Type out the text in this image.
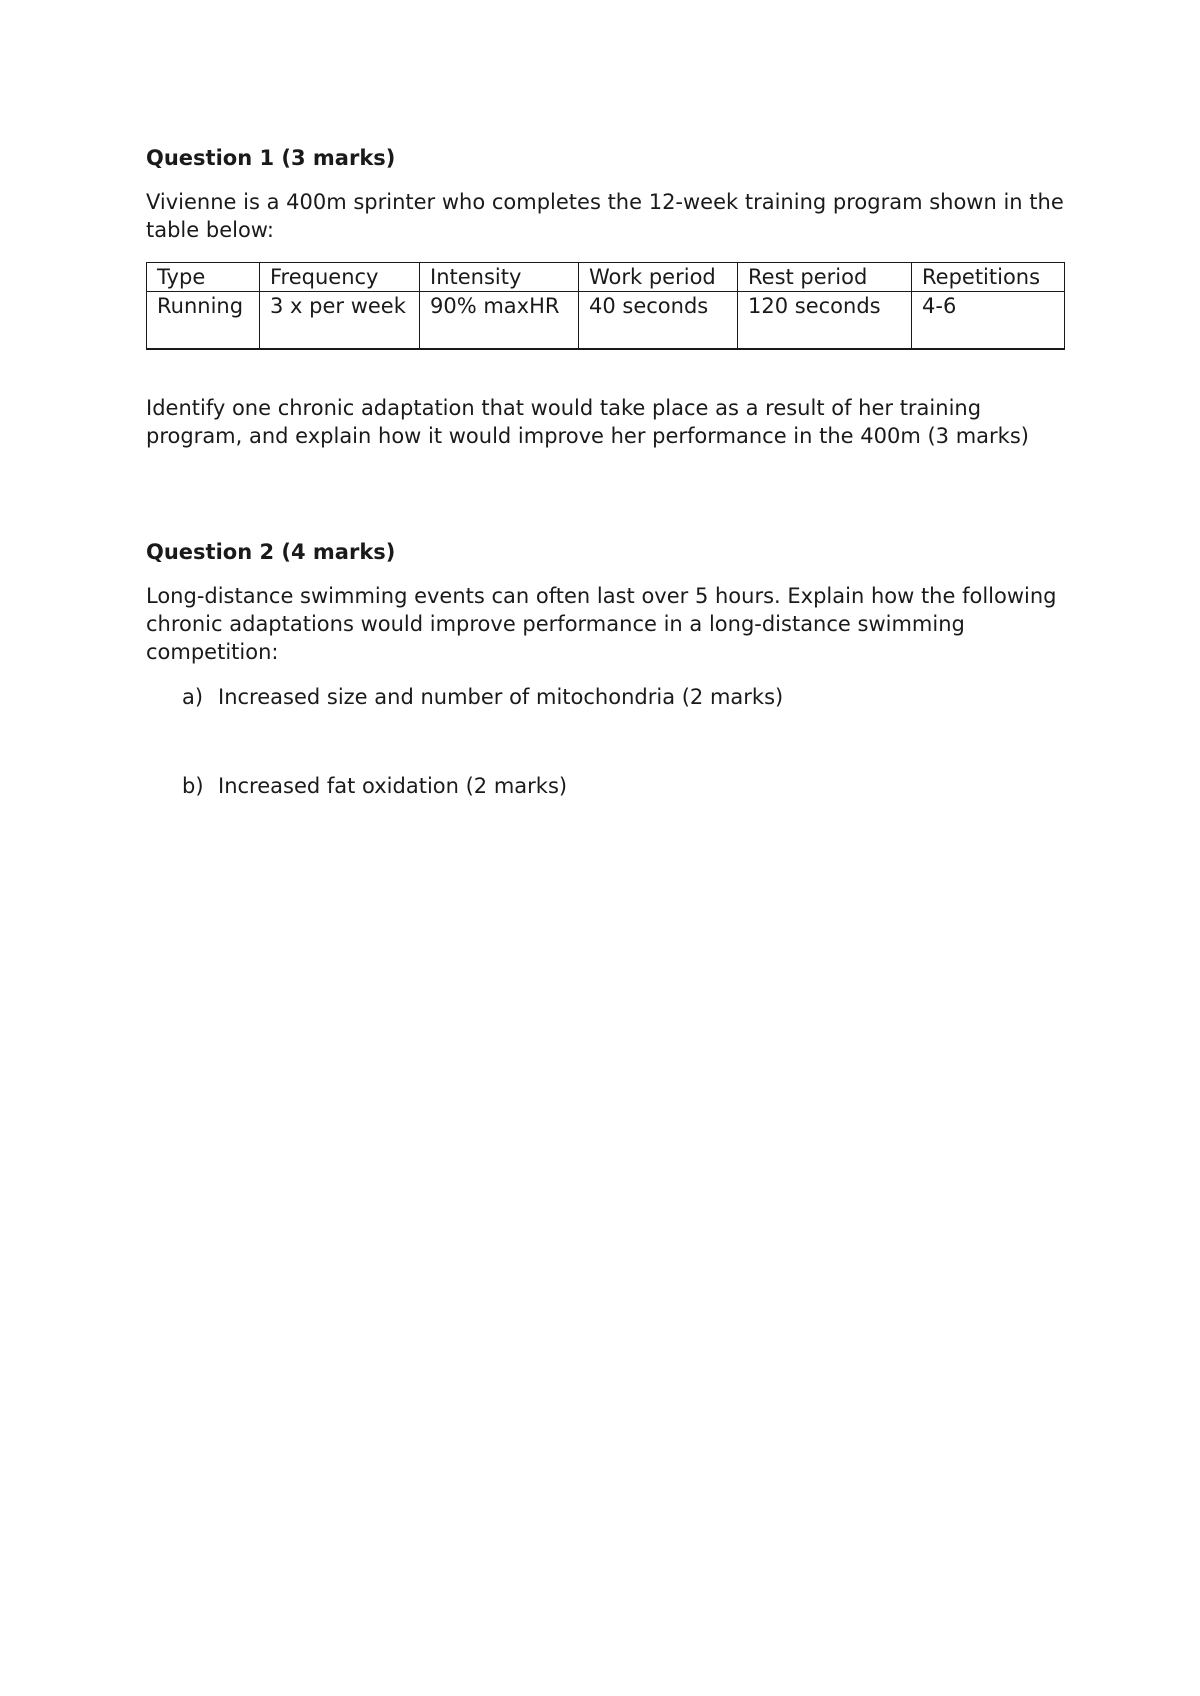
Question 1 (3 marks)

Vivienne is a 400m sprinter who completes the 12-week training program shown in the table below:

Type	Frequency	Intensity	Work period	Rest period	Repetitions
Running	3 x per week	90% maxHR	40 seconds	120 seconds	4-6

Identify one chronic adaptation that would take place as a result of her training program, and explain how it would improve her performance in the 400m (3 marks)

Question 2 (4 marks)

Long-distance swimming events can often last over 5 hours. Explain how the following chronic adaptations would improve performance in a long-distance swimming competition:

a) Increased size and number of mitochondria (2 marks)
b) Increased fat oxidation (2 marks)
